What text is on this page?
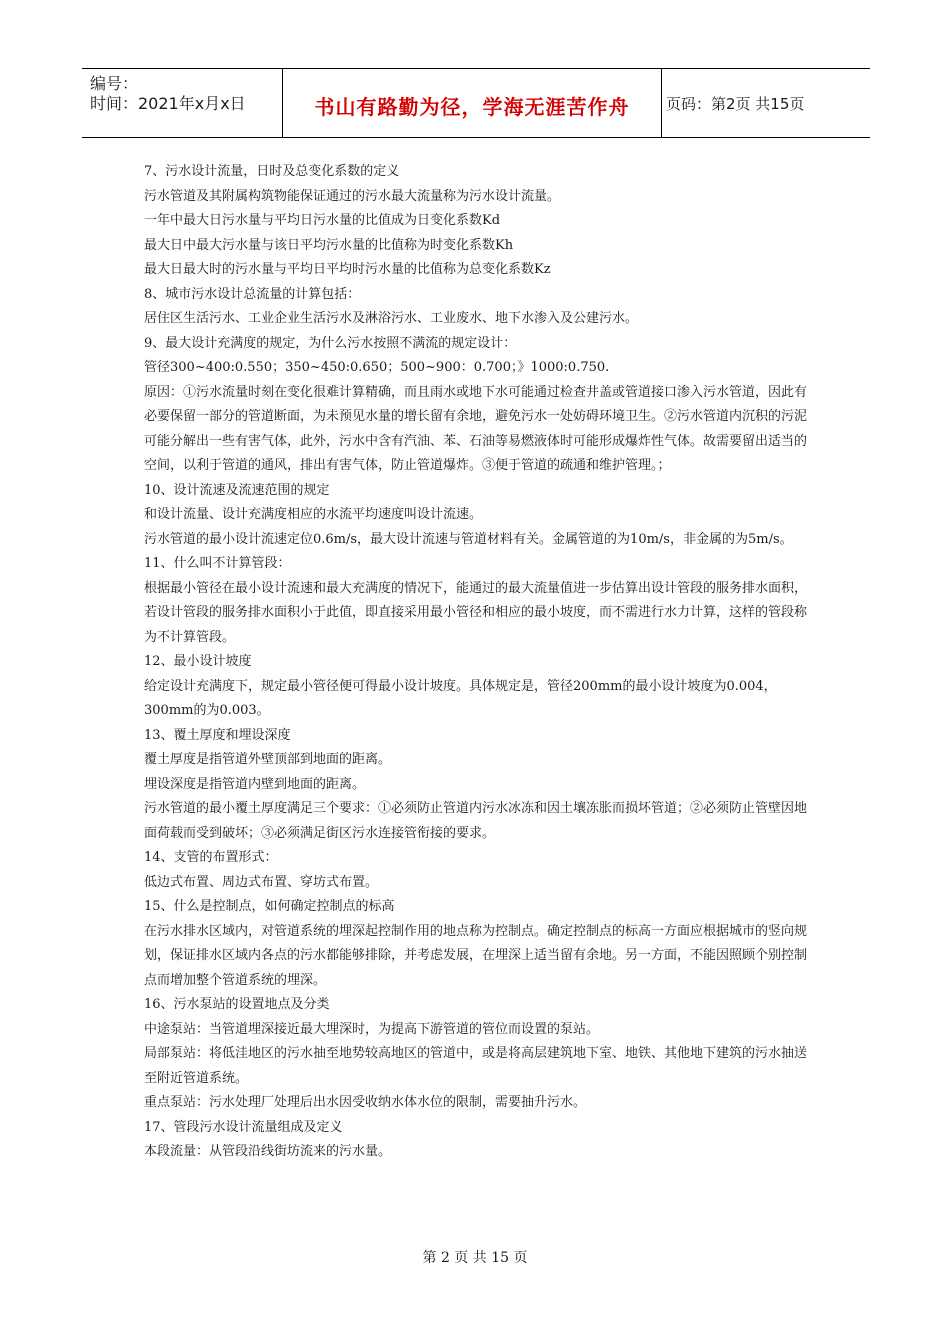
编号：
时间：2021年x月x日	书山有路勤为径，学海无涯苦作舟	页码：第2页 共15页

7、污水设计流量，日时及总变化系数的定义

污水管道及其附属构筑物能保证通过的污水最大流量称为污水设计流量。

一年中最大日污水量与平均日污水量的比值成为日变化系数Kd

最大日中最大污水量与该日平均污水量的比值称为时变化系数Kh

最大日最大时的污水量与平均日平均时污水量的比值称为总变化系数Kz

8、城市污水设计总流量的计算包括：

居住区生活污水、工业企业生活污水及淋浴污水、工业废水、地下水渗入及公建污水。

9、最大设计充满度的规定，为什么污水按照不满流的规定设计：

管径300~400:0.550；350~450:0.650；500~900：0.700；》1000:0.750.

原因：①污水流量时刻在变化很难计算精确，而且雨水或地下水可能通过检查井盖或管道接口渗入污水管道，因此有必要保留一部分的管道断面，为未预见水量的增长留有余地，避免污水一处妨碍环境卫生。②污水管道内沉积的污泥可能分解出一些有害气体，此外，污水中含有汽油、苯、石油等易燃液体时可能形成爆炸性气体。故需要留出适当的空间，以利于管道的通风，排出有害气体，防止管道爆炸。③便于管道的疏通和维护管理。；

10、设计流速及流速范围的规定

和设计流量、设计充满度相应的水流平均速度叫设计流速。

污水管道的最小设计流速定位0.6m/s，最大设计流速与管道材料有关。金属管道的为10m/s，非金属的为5m/s。

11、什么叫不计算管段：

根据最小管径在最小设计流速和最大充满度的情况下，能通过的最大流量值进一步估算出设计管段的服务排水面积，若设计管段的服务排水面积小于此值，即直接采用最小管径和相应的最小坡度，而不需进行水力计算，这样的管段称为不计算管段。

12、最小设计坡度

给定设计充满度下，规定最小管径便可得最小设计坡度。具体规定是，管径200mm的最小设计坡度为0.004，300mm的为0.003。

13、覆土厚度和埋设深度

覆土厚度是指管道外壁顶部到地面的距离。

埋设深度是指管道内壁到地面的距离。

污水管道的最小覆土厚度满足三个要求：①必须防止管道内污水冰冻和因土壤冻胀而损坏管道；②必须防止管壁因地面荷载而受到破坏；③必须满足街区污水连接管衔接的要求。

14、支管的布置形式：

低边式布置、周边式布置、穿坊式布置。

15、什么是控制点，如何确定控制点的标高

在污水排水区域内，对管道系统的埋深起控制作用的地点称为控制点。确定控制点的标高一方面应根据城市的竖向规划，保证排水区域内各点的污水都能够排除，并考虑发展，在埋深上适当留有余地。另一方面，不能因照顾个别控制点而增加整个管道系统的埋深。

16、污水泵站的设置地点及分类

中途泵站：当管道埋深接近最大埋深时，为提高下游管道的管位而设置的泵站。

局部泵站：将低洼地区的污水抽至地势较高地区的管道中，或是将高层建筑地下室、地铁、其他地下建筑的污水抽送至附近管道系统。

重点泵站：污水处理厂处理后出水因受收纳水体水位的限制，需要抽升污水。

17、管段污水设计流量组成及定义

本段流量：从管段沿线街坊流来的污水量。

第 2 页 共 15 页
